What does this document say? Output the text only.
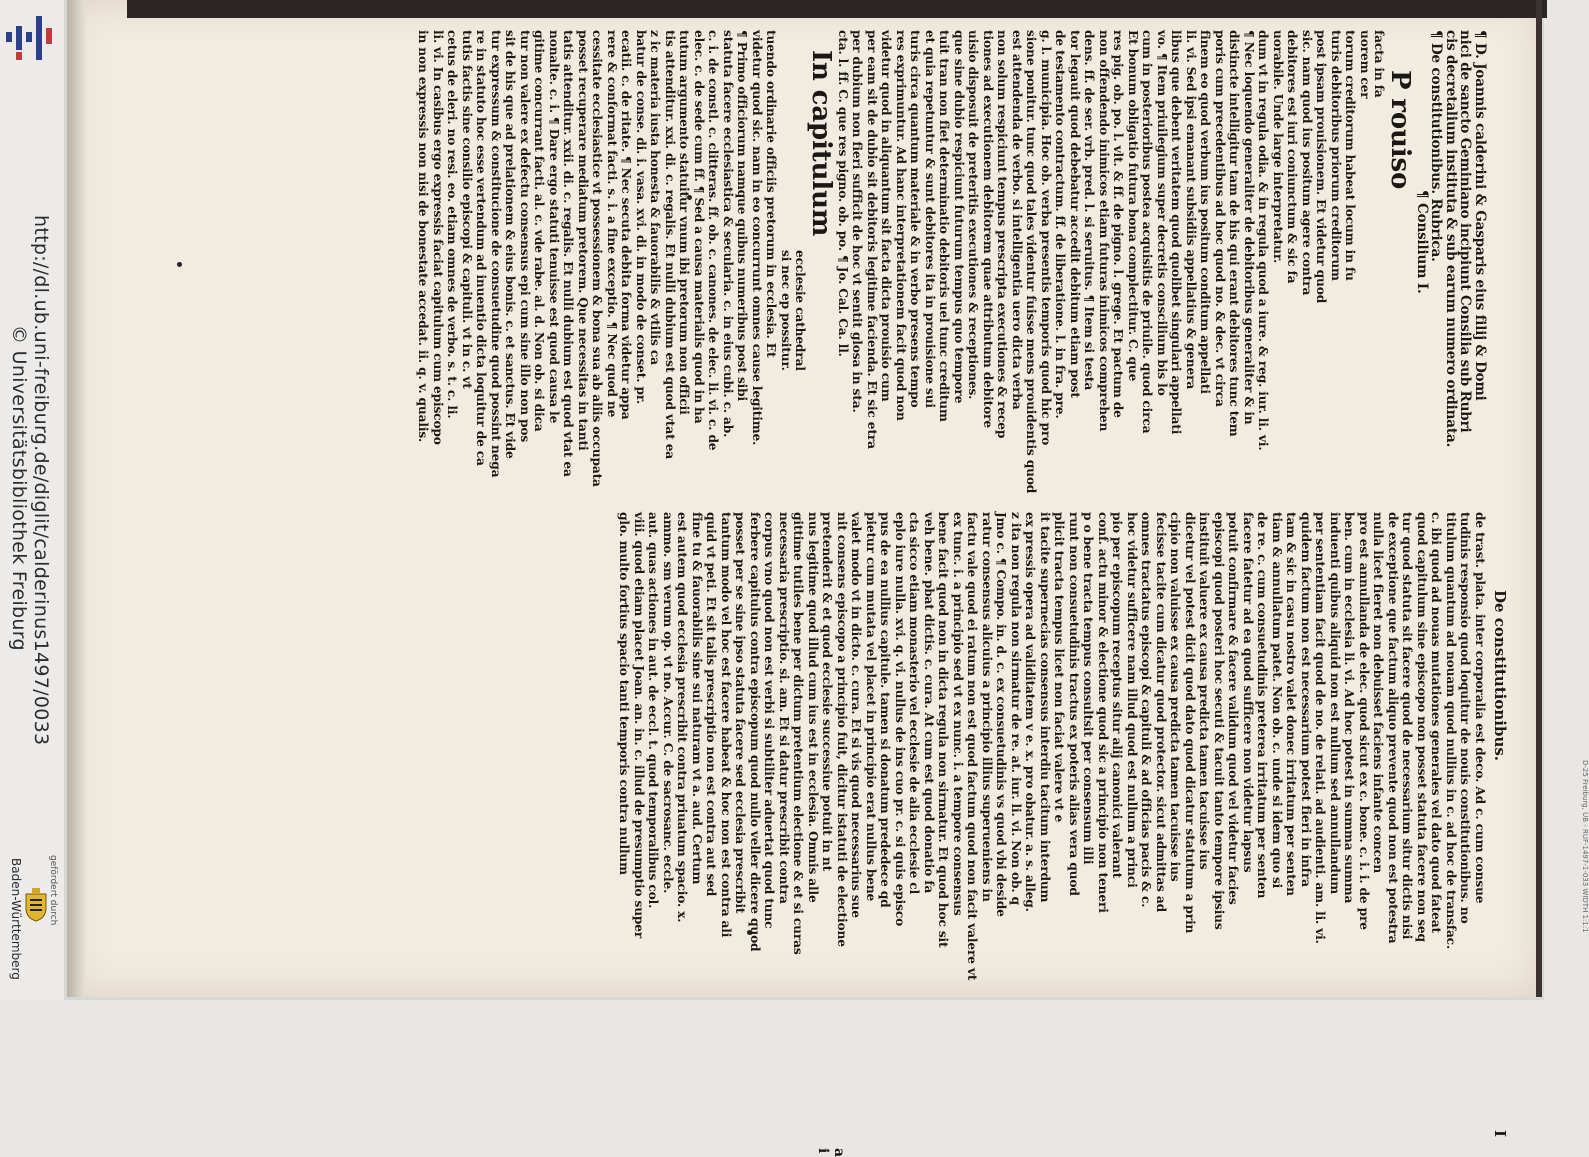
http://dl.ub.uni-freiburg.de/diglit/calderinus1497/0033
© Universitätsbibliothek Freiburg
gefördert durch
Baden-Württemberg
De constitutionibus.
I
¶ D. Joannis calderini & Gasparis eius filij & Domi
nici de sancto Geminiano incipiunt Consilia sub Rubri
cis decretalium instituta & sub earum numero ordinata.
¶ De constitutionibus. Rubrica.
¶ Consilium I.
P rouiso
facta in fa
uorem cer
torum creditorum habeat locum in fu
turis debitoribus priorum creditorum
post ipsam prouisionem. Et videtur quod
sic. nam quod ius positum agere contra
debitores est iuri coniunctum & sic fa
uorabile. Unde large interpretatur.
dum vt in regula odia. & in regula quod a iure. & reg. iur. li. vi.
¶ Nec loquendo generaliter de debitoribus generaliter & in
distincte intelligitur tam de his qui erant debitores tunc tem
poris cum precedentibus ad hoc quod no. & dec. vt circa
finem eo quod verbum ius positum conditum appellati
li. vi. Sed ipsi emanant subsidiis appellatius & genera
libus que debent veritatem quod quolibet singulari appellati
vo. ¶ Item priuilegium super decretis conscilium bis lo
cum in posterioribus postea acquisitis de priuile. quod circa
Et bonum obligatio futura bona complectitur. C. que
res pig. ob. po. l. vlt. & ff. de pigno. l. grege. Et pactum de
non offendendo inimicos etiam futuras inimicos comprehen
dens. ff. de ser. vrb. pred. l. si seruitus. ¶ Item si testa
tor legauit quod debebatur accedit debitum etiam post
de testamento contractum. ff. de liberatione. l. in fra. pre.
g. l. municipia. Hoc ob. verba presentis temporis quod hic pro
sione ponitur. tunc quod tales videntur fuisse mens prouidentis quod
est attendenda de verbo. si intelligentia uero dicta verba
non solum respiciunt tempus prescripta executiones & recep
tiones ad executionem debitorem quae attributum debitore
uisio disposuit de preteritis executiones & receptiones.
que sine dubio respiciunt futurum tempus quo tempore
tuit tran non fiet determinatio debitoris uel tunc creditum
et quia repetuntur & sunt debitores ita in prouisione sui
turis circa quantum materiale & in verbo presens tempo
res exprimuntur. Ad hanc interpretationem facit quod non
videtur quod in aliquantum sit facta dicta prouisio cum
per eam sit de dubio sit debitoris legitime facienda. Et sic etra
per dubium non fieri sufficit de hoc vt sentit glosa in sta.
cta. l. ff. C. que res pigno. ob. po. ¶ Jo. Cal. Ca. ll.
In capitulum
ecclesie cathedral
si nec ep possitur.
tuendo ordinarie officiis pretorum in ecclesia. Et
videtur quod sic. nam in eo concurrunt omnes cause legitime.
¶ Primo officiorum namque quibus numeribus post sibi
statuta facere ecclesiastica & secularia. c. in eius cubi. c. ab.
c. i. de constl. c. clitteras. ff. ob. c. canones. de elec. li. vi. c. de
elec. c. de sede cum ff. ¶ Sed a causa materialis quod in ha
tutum argumento statuitur vnum ibi pretorum non officii
tis attenditur. xxi. di. c. regalis. Et nulli dubium est quod vtat ea
z ic materia iusta honesta & fauorabilis & vtilis ca
batur de conse. di. i. vasa. xvi. di. in modo de conset. pr.
ecatii. c. de ritate. ¶ Nec secuta debita forma videtur appa
rere & conformat facti. s. i. a fine exceptio. ¶ Nec quod ne
cessitate ecclesiastice vt possessionem & bona sua ab aliis occupata
posset recuperare mediatum pretorem. Que necessitas in tanti
tatis attenditur. xxii. di. c. regalis. Et nulli dubium est quod vtat ea
nonalte. c. i. ¶ Dare ergo statuti tenuisse est quod causa le
gitime concurrant facti. al. c. vde rabe. al. d. Non ob. si dica
tur non valere ex defectu consensus epi cum sine illo non pos
sit de his que ad prelationem & eius bonis. c. et sanctus. Et vide
tur expressum & constitucione de consuetudine quod possint nega
re in statuto hoc esse vertendum ad inuentio dicta loquitur de ca
tutis factis sine consilio episcopi & capituli. vt in c. vt
cetus de eleri. no resi. eo. etiam omnes de verbo. s. t. c. li.
li. vi. In casibus ergo expressis faciat capitulum cum episcopo
in non expressis non nisi de bonestate accedat. ii. q. v. qualis.
de trast. plata. inter corporalia est deco. Ad c. cum consue
tudinis responsio quod loquitur de nouis constitutionibus. no
titulum quantum ad nouam quod nullius in c. ad hoc de transfac.
c. ibi quod ad nouas mutationes generales vel dato quod fateat
quod capitulum sine episcopo non posset statuta facere non seq
tur quod statuta sit facere quod de necessarium situr dictis nisi
de exceptione que factum aliquo prevente quod non est potestra
nulla licet fieret non debuisset faciens infante concen
pro est annullanda de elec. quod sicut ex c. bone. c. i. i. de pre
ben. cum in ecclesia li. vi. Ad hoc potest in summa summa
induenti quibus aliquid non est nullum sed annullandum
per sententiam facit quod de no. de relati. ad audienti. am. li. vi.
quidem factum non est necessarium potest fieri in infra
tam & sic in casu nostro valet donec irritatum per senten
tiam & annullatum patet. Non ob. c. unde si idem quo si
de re. c. cum consuetudinis preterea irritatum per senten
facere fatetur ad ea quod sufficere non videtur lapsus
potuit confirmare & facere validum quod vel videtur facies
episcopi quod posteri hoc secuti & tacuit tanto tempore ipsius
instituit valuere ex causa predicta tamen tacuisse ius
dicetur vel potest dicit quod dato quod dicatur statutum a prin
cipio non valuisse ex causa predicta tamen tacuisse ius
fecisse tacite cum dicatur quod protector. sicut admittas ad
omnes tractatus episcopi & capituli & ad officias pacis & c.
hoc videtur sufficere nam illud quod est nullum a princi
pio per episcopum receptus situr alij canonici valerant
conf. actu minor & electione quod sic a principio non teneri
p o bene tracta tempus consultsit per consensum illi
runt non consuetudinis tractus ex poteris alias vera quod
plicit tracta tempus licet non faciat valere vt e
it tacite supernecias consensus interdiu tacitum interdum
ex pressis opera ad validitatem v e. x. pro obatur. a. s. alleg.
z ita non regula non sirmatur de re. at. iur. li. vi. Non ob. q
Jmo c. ¶ Compo. in. d. c. ex consuetudinis vs quod vbi deside
ratur consensus alicuius a principio illius superueniens in
factu vale quod ei ratum non est quod factum quod non facit valere vt
ex tunc. i. a principio sed vt ex nunc. i. a tempore consensus
bene facit quod non in dicta regula non sirmatur. Et quod hoc sit
veh bene. pbat dictis. c. cura. At cum est quod donatio fa
cta sicco etiam monasterio vel ecclesie de alia ecclesie cl
eplo iure nulla. xvi. q. vi. nullus de ins cuo pr. c. si quis episco
pus de ea nullius capitule. tamen si donatum prededece qd
pietur cum mutata vel placet in principio erat nullus bene
valet modo vt in dicto. c. cura. Et si vis quod necessarius sue
nit consens episcopo a principio fuit, dicitur istatuti de electione
pretenderit & et quod ecclesie successiue potuit in nt
nus legitime quod illud cum ius est in ecclesia. Omnis alle
gittime tutiles bene per dictum pretentium electione & et si curas
necessaria prescriptio. si. am. Et si datur prescribit contra
corpus vno quod non est verbi si subtiliter aduertat quod tunc
ferbere capitulus contra episcopum quod nullo veller dicere quod
posset per se sine ipso statuta facere sed ecclesia prescribit
tantum modo vel hoc est facere habeat & hoc non est contra ali
quid vt peti. Et sit talis prescriptio non est contra aut sed
fine tu & fauorabilis sine sui naturam vt a. aud. Certum
est autem quod ecclesia prescribit contra priuatum spacio. x.
ammo. sm verum op. vt no. Accur. C. de sacrosanc. eccle.
aut. quas actiones in aut. de eccl. t. quod temporalibus col.
viii. quod etiam placet Joan. an. in. c. illud de presumptio super
glo. multo fortius spacio tanti temporis contra nullum
a i
D-25 Freiburg, UB - RUF-1497-1-033 WIDTH 1:1:1
